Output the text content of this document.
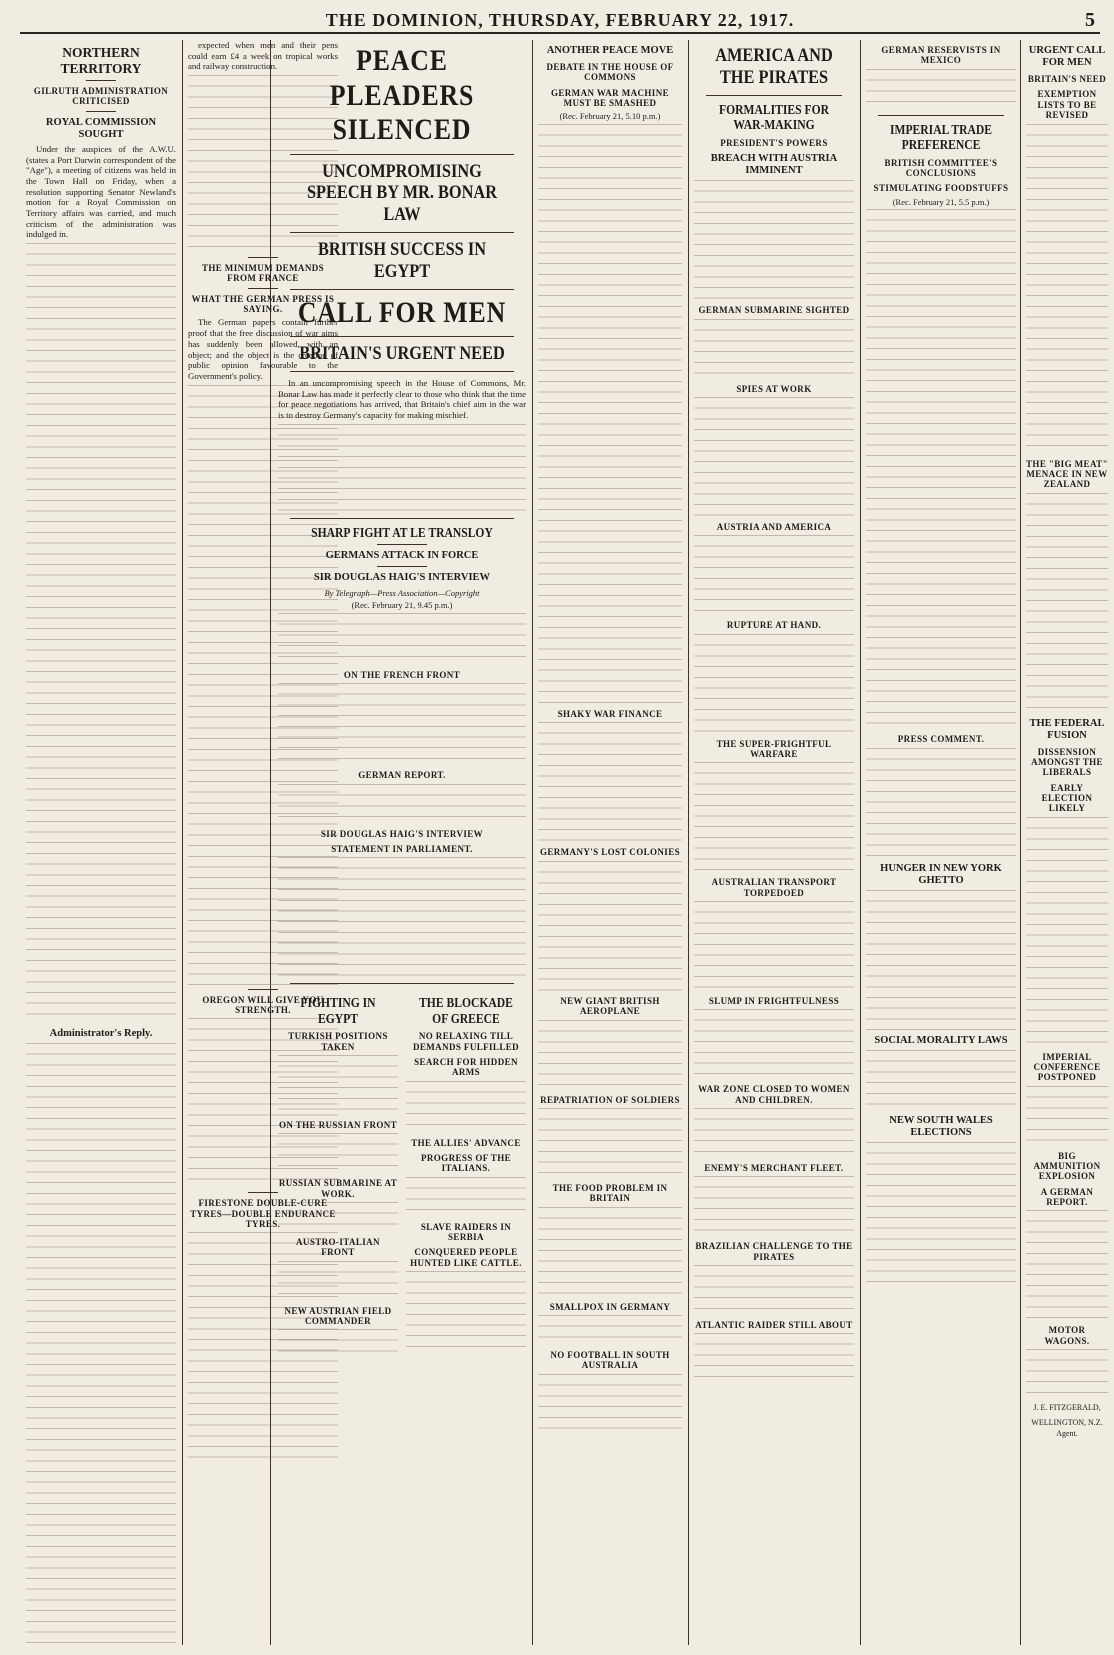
THE DOMINION, THURSDAY, FEBRUARY 22, 1917.	5
NORTHERN TERRITORY
GILRUTH ADMINISTRATION CRITICISED
ROYAL COMMISSION SOUGHT

Under the auspices of the A.W.U. (states a Port Darwin correspondent of the "Age"), a meeting of citizens was held in the Town Hall on Friday, when a resolution supporting Senator Newland's motion for a Royal Commission on Territory affairs was carried, and much criticism of the administration was indulged in.

Administrator's Reply.

expected when men and their pens could earn £4 a week on tropical works and railway construction.

THE MINIMUM DEMANDS FROM FRANCE
WHAT THE GERMAN PRESS IS SAYING.

The German papers contain further proof that the free discussion of war aims has suddenly been allowed, with an object; and the object is the creation of public opinion favourable to the Government's policy.

OREGON WILL GIVE YOU STRENGTH.
FIRESTONE DOUBLE-CURE TYRES—DOUBLE ENDURANCE TYRES.
PEACE PLEADERS SILENCED
UNCOMPROMISING SPEECH BY MR. BONAR LAW
BRITISH SUCCESS IN EGYPT
CALL FOR MEN
BRITAIN'S URGENT NEED

In an uncompromising speech in the House of Commons, Mr. Bonar Law has made it perfectly clear to those who think that the time for peace negotiations has arrived, that Britain's chief aim in the war is to destroy Germany's capacity for making mischief.

SHARP FIGHT AT LE TRANSLOY
GERMANS ATTACK IN FORCE
SIR DOUGLAS HAIG'S INTERVIEW
By Telegraph—Press Association—Copyright
(Rec. February 21, 9.45 p.m.)
ON THE FRENCH FRONT
GERMAN REPORT.
SIR DOUGLAS HAIG'S INTERVIEW
STATEMENT IN PARLIAMENT.
FIGHTING IN EGYPT
TURKISH POSITIONS TAKEN
ON THE RUSSIAN FRONT
RUSSIAN SUBMARINE AT WORK.
AUSTRO-ITALIAN FRONT
NEW AUSTRIAN FIELD COMMANDER
THE BLOCKADE OF GREECE
NO RELAXING TILL DEMANDS FULFILLED
SEARCH FOR HIDDEN ARMS
THE ALLIES' ADVANCE
PROGRESS OF THE ITALIANS.
SLAVE RAIDERS IN SERBIA
CONQUERED PEOPLE HUNTED LIKE CATTLE.
ANOTHER PEACE MOVE
DEBATE IN THE HOUSE OF COMMONS
GERMAN WAR MACHINE MUST BE SMASHED
(Rec. February 21, 5.10 p.m.)
SHAKY WAR FINANCE
GERMANY'S LOST COLONIES
NEW GIANT BRITISH AEROPLANE
REPATRIATION OF SOLDIERS
THE FOOD PROBLEM IN BRITAIN
SMALLPOX IN GERMANY
NO FOOTBALL IN SOUTH AUSTRALIA
AMERICA AND THE PIRATES
FORMALITIES FOR WAR-MAKING
PRESIDENT'S POWERS
BREACH WITH AUSTRIA IMMINENT
GERMAN SUBMARINE SIGHTED
SPIES AT WORK
AUSTRIA AND AMERICA
RUPTURE AT HAND.
THE SUPER-FRIGHTFUL WARFARE
AUSTRALIAN TRANSPORT TORPEDOED
SLUMP IN FRIGHTFULNESS
WAR ZONE CLOSED TO WOMEN AND CHILDREN.
ENEMY'S MERCHANT FLEET.
BRAZILIAN CHALLENGE TO THE PIRATES
ATLANTIC RAIDER STILL ABOUT
GERMAN RESERVISTS IN MEXICO
IMPERIAL TRADE PREFERENCE
BRITISH COMMITTEE'S CONCLUSIONS
STIMULATING FOODSTUFFS
(Rec. February 21, 5.5 p.m.)
PRESS COMMENT.
HUNGER IN NEW YORK GHETTO
SOCIAL MORALITY LAWS
NEW SOUTH WALES ELECTIONS
URGENT CALL FOR MEN
BRITAIN'S NEED
EXEMPTION LISTS TO BE REVISED
THE "BIG MEAT" MENACE IN NEW ZEALAND
THE FEDERAL FUSION
DISSENSION AMONGST THE LIBERALS
EARLY ELECTION LIKELY
IMPERIAL CONFERENCE POSTPONED
BIG AMMUNITION EXPLOSION
A GERMAN REPORT.
MOTOR WAGONS.
J. E. FITZGERALD,
WELLINGTON, N.Z. Agent.
